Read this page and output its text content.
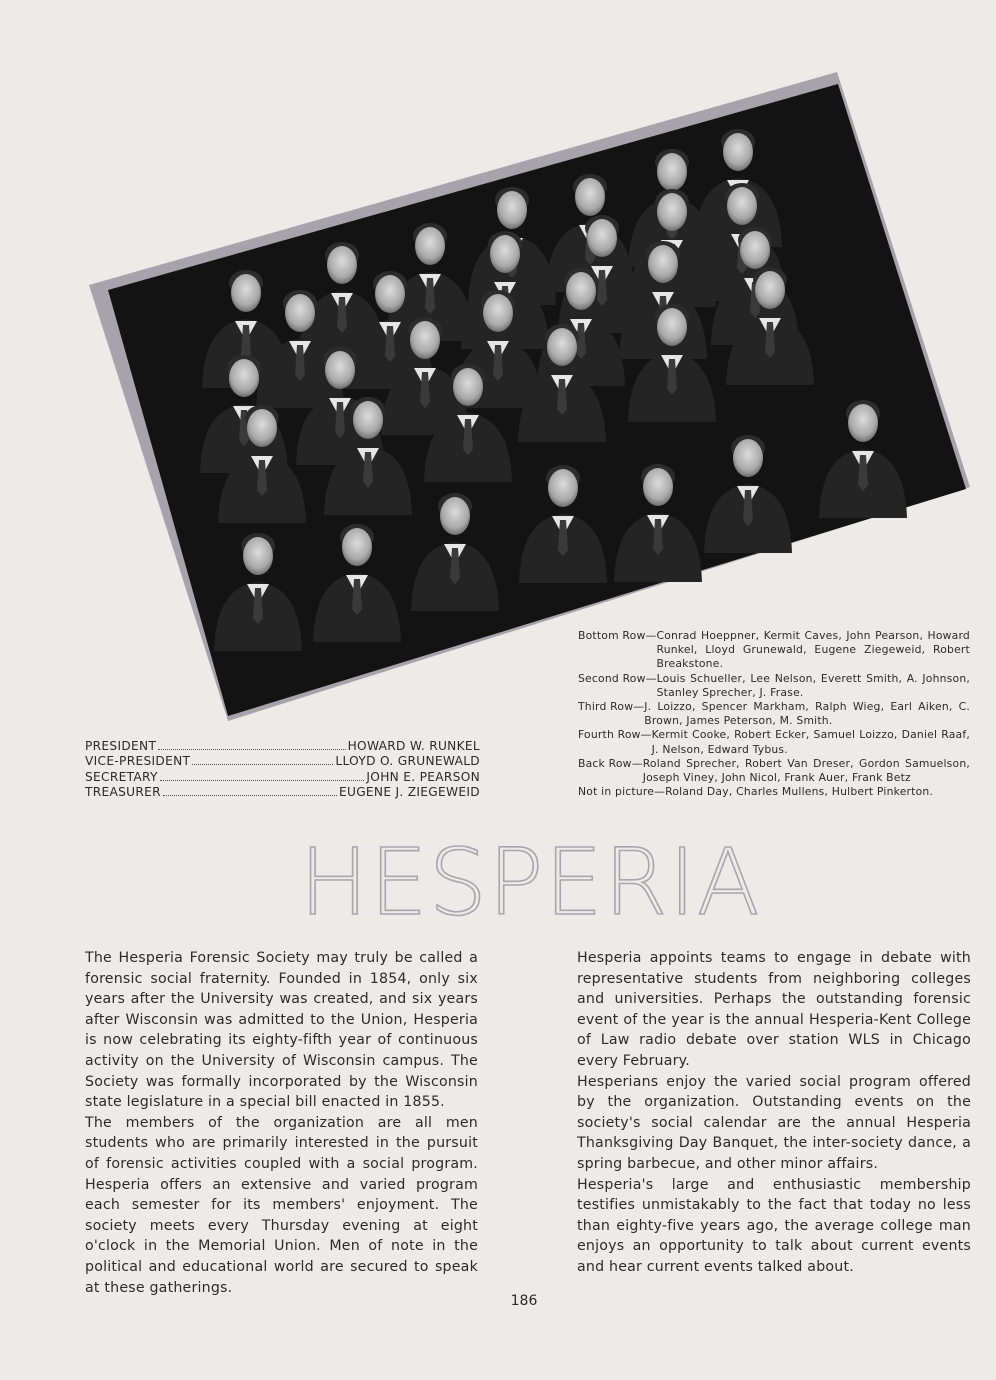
PRESIDENT	HOWARD W. RUNKEL
VICE-PRESIDENT	LLOYD O. GRUNEWALD
SECRETARY	JOHN E. PEARSON
TREASURER	EUGENE J. ZIEGEWEID
Bottom Row— Conrad Hoeppner, Kermit Caves, John Pearson, Howard Runkel, Lloyd Grunewald, Eugene Ziegeweid, Robert Breakstone.
Second Row— Louis Schueller, Lee Nelson, Everett Smith, A. Johnson, Stanley Sprecher, J. Frase.
Third Row— J. Loizzo, Spencer Markham, Ralph Wieg, Earl Aiken, C. Brown, James Peterson, M. Smith.
Fourth Row— Kermit Cooke, Robert Ecker, Samuel Loizzo, Daniel Raaf, J. Nelson, Edward Tybus.
Back Row— Roland Sprecher, Robert Van Dreser, Gordon Samuelson, Joseph Viney, John Nicol, Frank Auer, Frank Betz
Not in picture— Roland Day, Charles Mullens, Hulbert Pinkerton.
HESPERIA

The Hesperia Forensic Society may truly be called a forensic social fraternity. Founded in 1854, only six years after the University was created, and six years after Wisconsin was admitted to the Union, Hesperia is now celebrating its eighty-fifth year of continuous activity on the University of Wisconsin campus. The Society was formally incorporated by the Wisconsin state legislature in a special bill enacted in 1855.

The members of the organization are all men students who are primarily interested in the pursuit of forensic activities coupled with a social program. Hesperia offers an extensive and varied program each semester for its members' enjoyment. The society meets every Thursday evening at eight o'clock in the Memorial Union. Men of note in the political and educational world are secured to speak at these gatherings.

Hesperia appoints teams to engage in debate with representative students from neighboring colleges and universities. Perhaps the outstanding forensic event of the year is the annual Hesperia-Kent College of Law radio debate over station WLS in Chicago every February.

Hesperians enjoy the varied social program offered by the organization. Outstanding events on the society's social calendar are the annual Hesperia Thanksgiving Day Banquet, the inter-society dance, a spring barbecue, and other minor affairs.

Hesperia's large and enthusiastic membership testifies unmistakably to the fact that today no less than eighty-five years ago, the average college man enjoys an opportunity to talk about current events and hear current events talked about.

186
